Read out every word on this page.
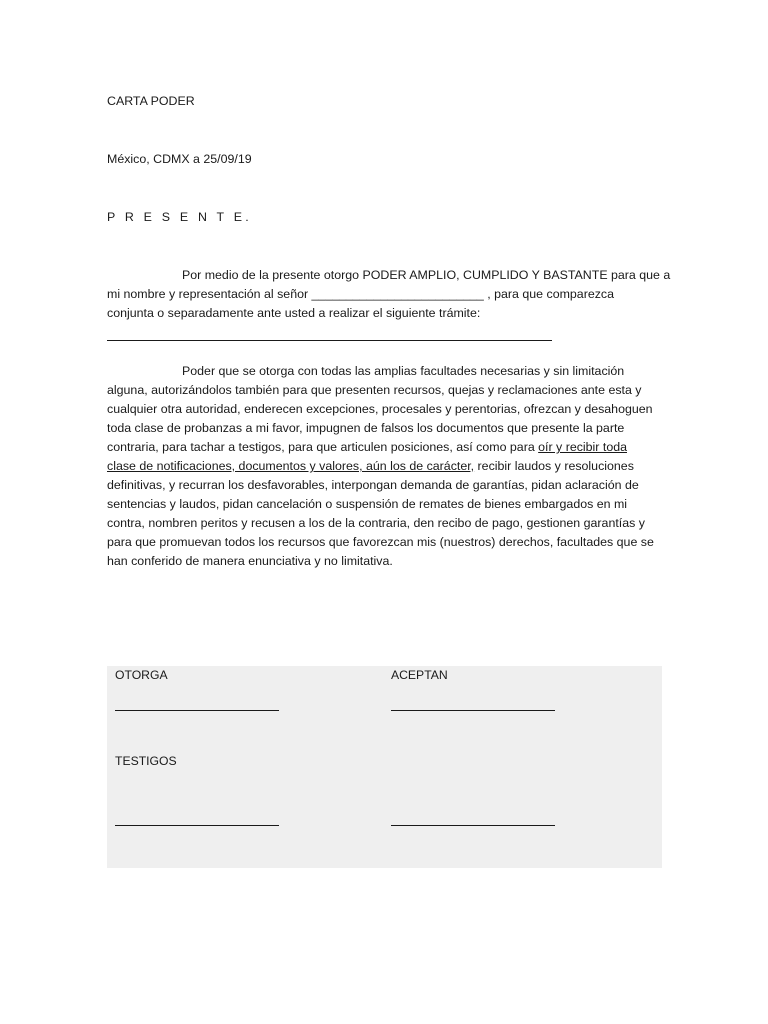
CARTA PODER
México, CDMX a 25/09/19
P R E S E N T E.
Por medio de la presente otorgo PODER AMPLIO, CUMPLIDO Y BASTANTE para que a
mi nombre y representación al señor _________________________ , para que comparezca
conjunta o separadamente ante usted a realizar el siguiente trámite:
Poder que se otorga con todas las amplias facultades necesarias y sin limitación
alguna, autorizándolos también para que presenten recursos, quejas y reclamaciones ante esta y
cualquier otra autoridad, enderecen excepciones, procesales y perentorias, ofrezcan y desahoguen
toda clase de probanzas a mi favor, impugnen de falsos los documentos que presente la parte
contraria, para tachar a testigos, para que articulen posiciones, así como para oír y recibir toda
clase de notificaciones, documentos y valores, aún los de carácter, recibir laudos y resoluciones
definitivas, y recurran los desfavorables, interpongan demanda de garantías, pidan aclaración de
sentencias y laudos, pidan cancelación o suspensión de remates de bienes embargados en mi
contra, nombren peritos y recusen a los de la contraria, den recibo de pago, gestionen garantías y
para que promuevan todos los recursos que favorezcan mis (nuestros) derechos, facultades que se
han conferido de manera enunciativa y no limitativa.
OTORGA	ACEPTAN
TESTIGOS
